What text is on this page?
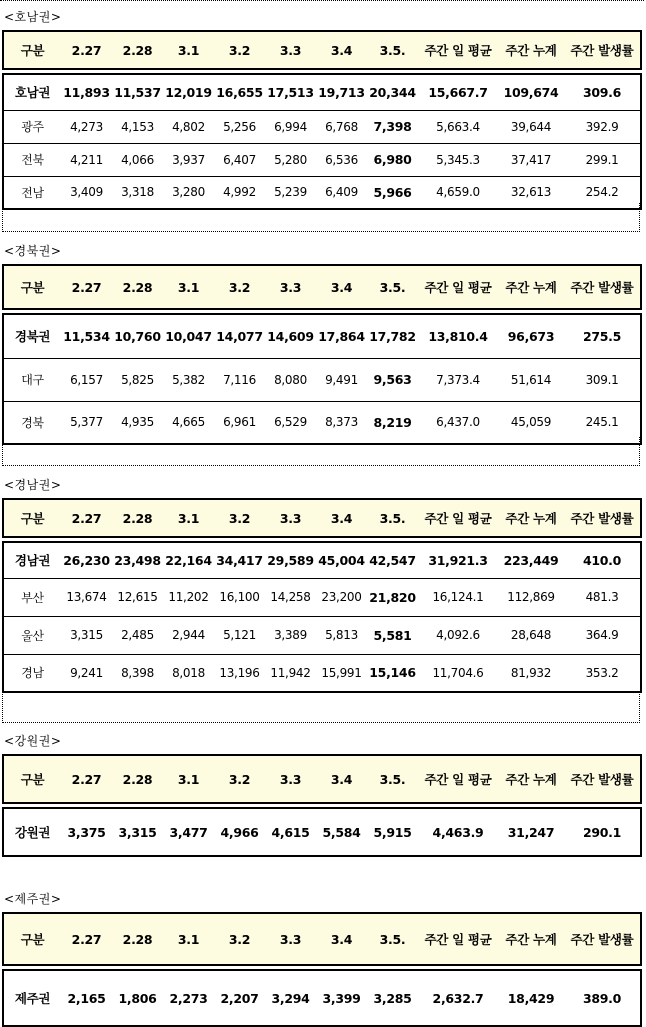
<호남권>
구분	2.27	2.28	3.1	3.2	3.3	3.4	3.5.	주간 일 평균	주간 누계	주간 발생률

호남권	11,893	11,537	12,019	16,655	17,513	19,713	20,344	15,667.7	109,674	309.6
광주	4,273	4,153	4,802	5,256	6,994	6,768	7,398	5,663.4	39,644	392.9
전북	4,211	4,066	3,937	6,407	5,280	6,536	6,980	5,345.3	37,417	299.1
전남	3,409	3,318	3,280	4,992	5,239	6,409	5,966	4,659.0	32,613	254.2
<경북권>
구분	2.27	2.28	3.1	3.2	3.3	3.4	3.5.	주간 일 평균	주간 누계	주간 발생률

경북권	11,534	10,760	10,047	14,077	14,609	17,864	17,782	13,810.4	96,673	275.5
대구	6,157	5,825	5,382	7,116	8,080	9,491	9,563	7,373.4	51,614	309.1
경북	5,377	4,935	4,665	6,961	6,529	8,373	8,219	6,437.0	45,059	245.1
<경남권>
구분	2.27	2.28	3.1	3.2	3.3	3.4	3.5.	주간 일 평균	주간 누계	주간 발생률

경남권	26,230	23,498	22,164	34,417	29,589	45,004	42,547	31,921.3	223,449	410.0
부산	13,674	12,615	11,202	16,100	14,258	23,200	21,820	16,124.1	112,869	481.3
울산	3,315	2,485	2,944	5,121	3,389	5,813	5,581	4,092.6	28,648	364.9
경남	9,241	8,398	8,018	13,196	11,942	15,991	15,146	11,704.6	81,932	353.2
<강원권>
구분	2.27	2.28	3.1	3.2	3.3	3.4	3.5.	주간 일 평균	주간 누계	주간 발생률

강원권	3,375	3,315	3,477	4,966	4,615	5,584	5,915	4,463.9	31,247	290.1
<제주권>
구분	2.27	2.28	3.1	3.2	3.3	3.4	3.5.	주간 일 평균	주간 누계	주간 발생률

제주권	2,165	1,806	2,273	2,207	3,294	3,399	3,285	2,632.7	18,429	389.0
